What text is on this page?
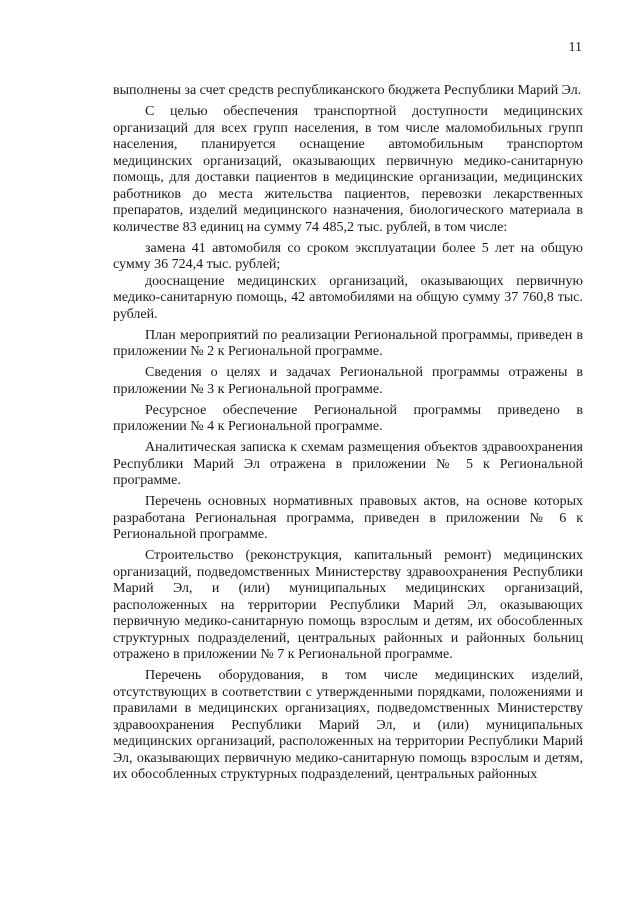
11

выполнены за счет средств республиканского бюджета Республики Марий Эл.

С целью обеспечения транспортной доступности медицинских организаций для всех групп населения, в том числе маломобильных групп населения, планируется оснащение автомобильным транспортом медицинских организаций, оказывающих первичную медико-санитарную помощь, для доставки пациентов в медицинские организации, медицинских работников до места жительства пациентов, перевозки лекарственных препаратов, изделий медицинского назначения, биологического материала в количестве 83 единиц на сумму 74 485,2 тыс. рублей, в том числе:

замена 41 автомобиля со сроком эксплуатации более 5 лет на общую сумму 36 724,4 тыс. рублей;

дооснащение медицинских организаций, оказывающих первичную медико-санитарную помощь, 42 автомобилями на общую сумму 37 760,8 тыс. рублей.

План мероприятий по реализации Региональной программы, приведен в приложении № 2 к Региональной программе.

Сведения о целях и задачах Региональной программы отражены в приложении № 3 к Региональной программе.

Ресурсное обеспечение Региональной программы приведено в приложении № 4 к Региональной программе.

Аналитическая записка к схемам размещения объектов здравоохранения Республики Марий Эл отражена в приложении № 5 к Региональной программе.

Перечень основных нормативных правовых актов, на основе которых разработана Региональная программа, приведен в приложении № 6 к Региональной программе.

Строительство (реконструкция, капитальный ремонт) медицинских организаций, подведомственных Министерству здравоохранения Республики Марий Эл, и (или) муниципальных медицинских организаций, расположенных на территории Республики Марий Эл, оказывающих первичную медико-санитарную помощь взрослым и детям, их обособленных структурных подразделений, центральных районных и районных больниц отражено в приложении № 7 к Региональной программе.

Перечень оборудования, в том числе медицинских изделий, отсутствующих в соответствии с утвержденными порядками, положениями и правилами в медицинских организациях, подведомственных Министерству здравоохранения Республики Марий Эл, и (или) муниципальных медицинских организаций, расположенных на территории Республики Марий Эл, оказывающих первичную медико-санитарную помощь взрослым и детям, их обособленных структурных подразделений, центральных районных
